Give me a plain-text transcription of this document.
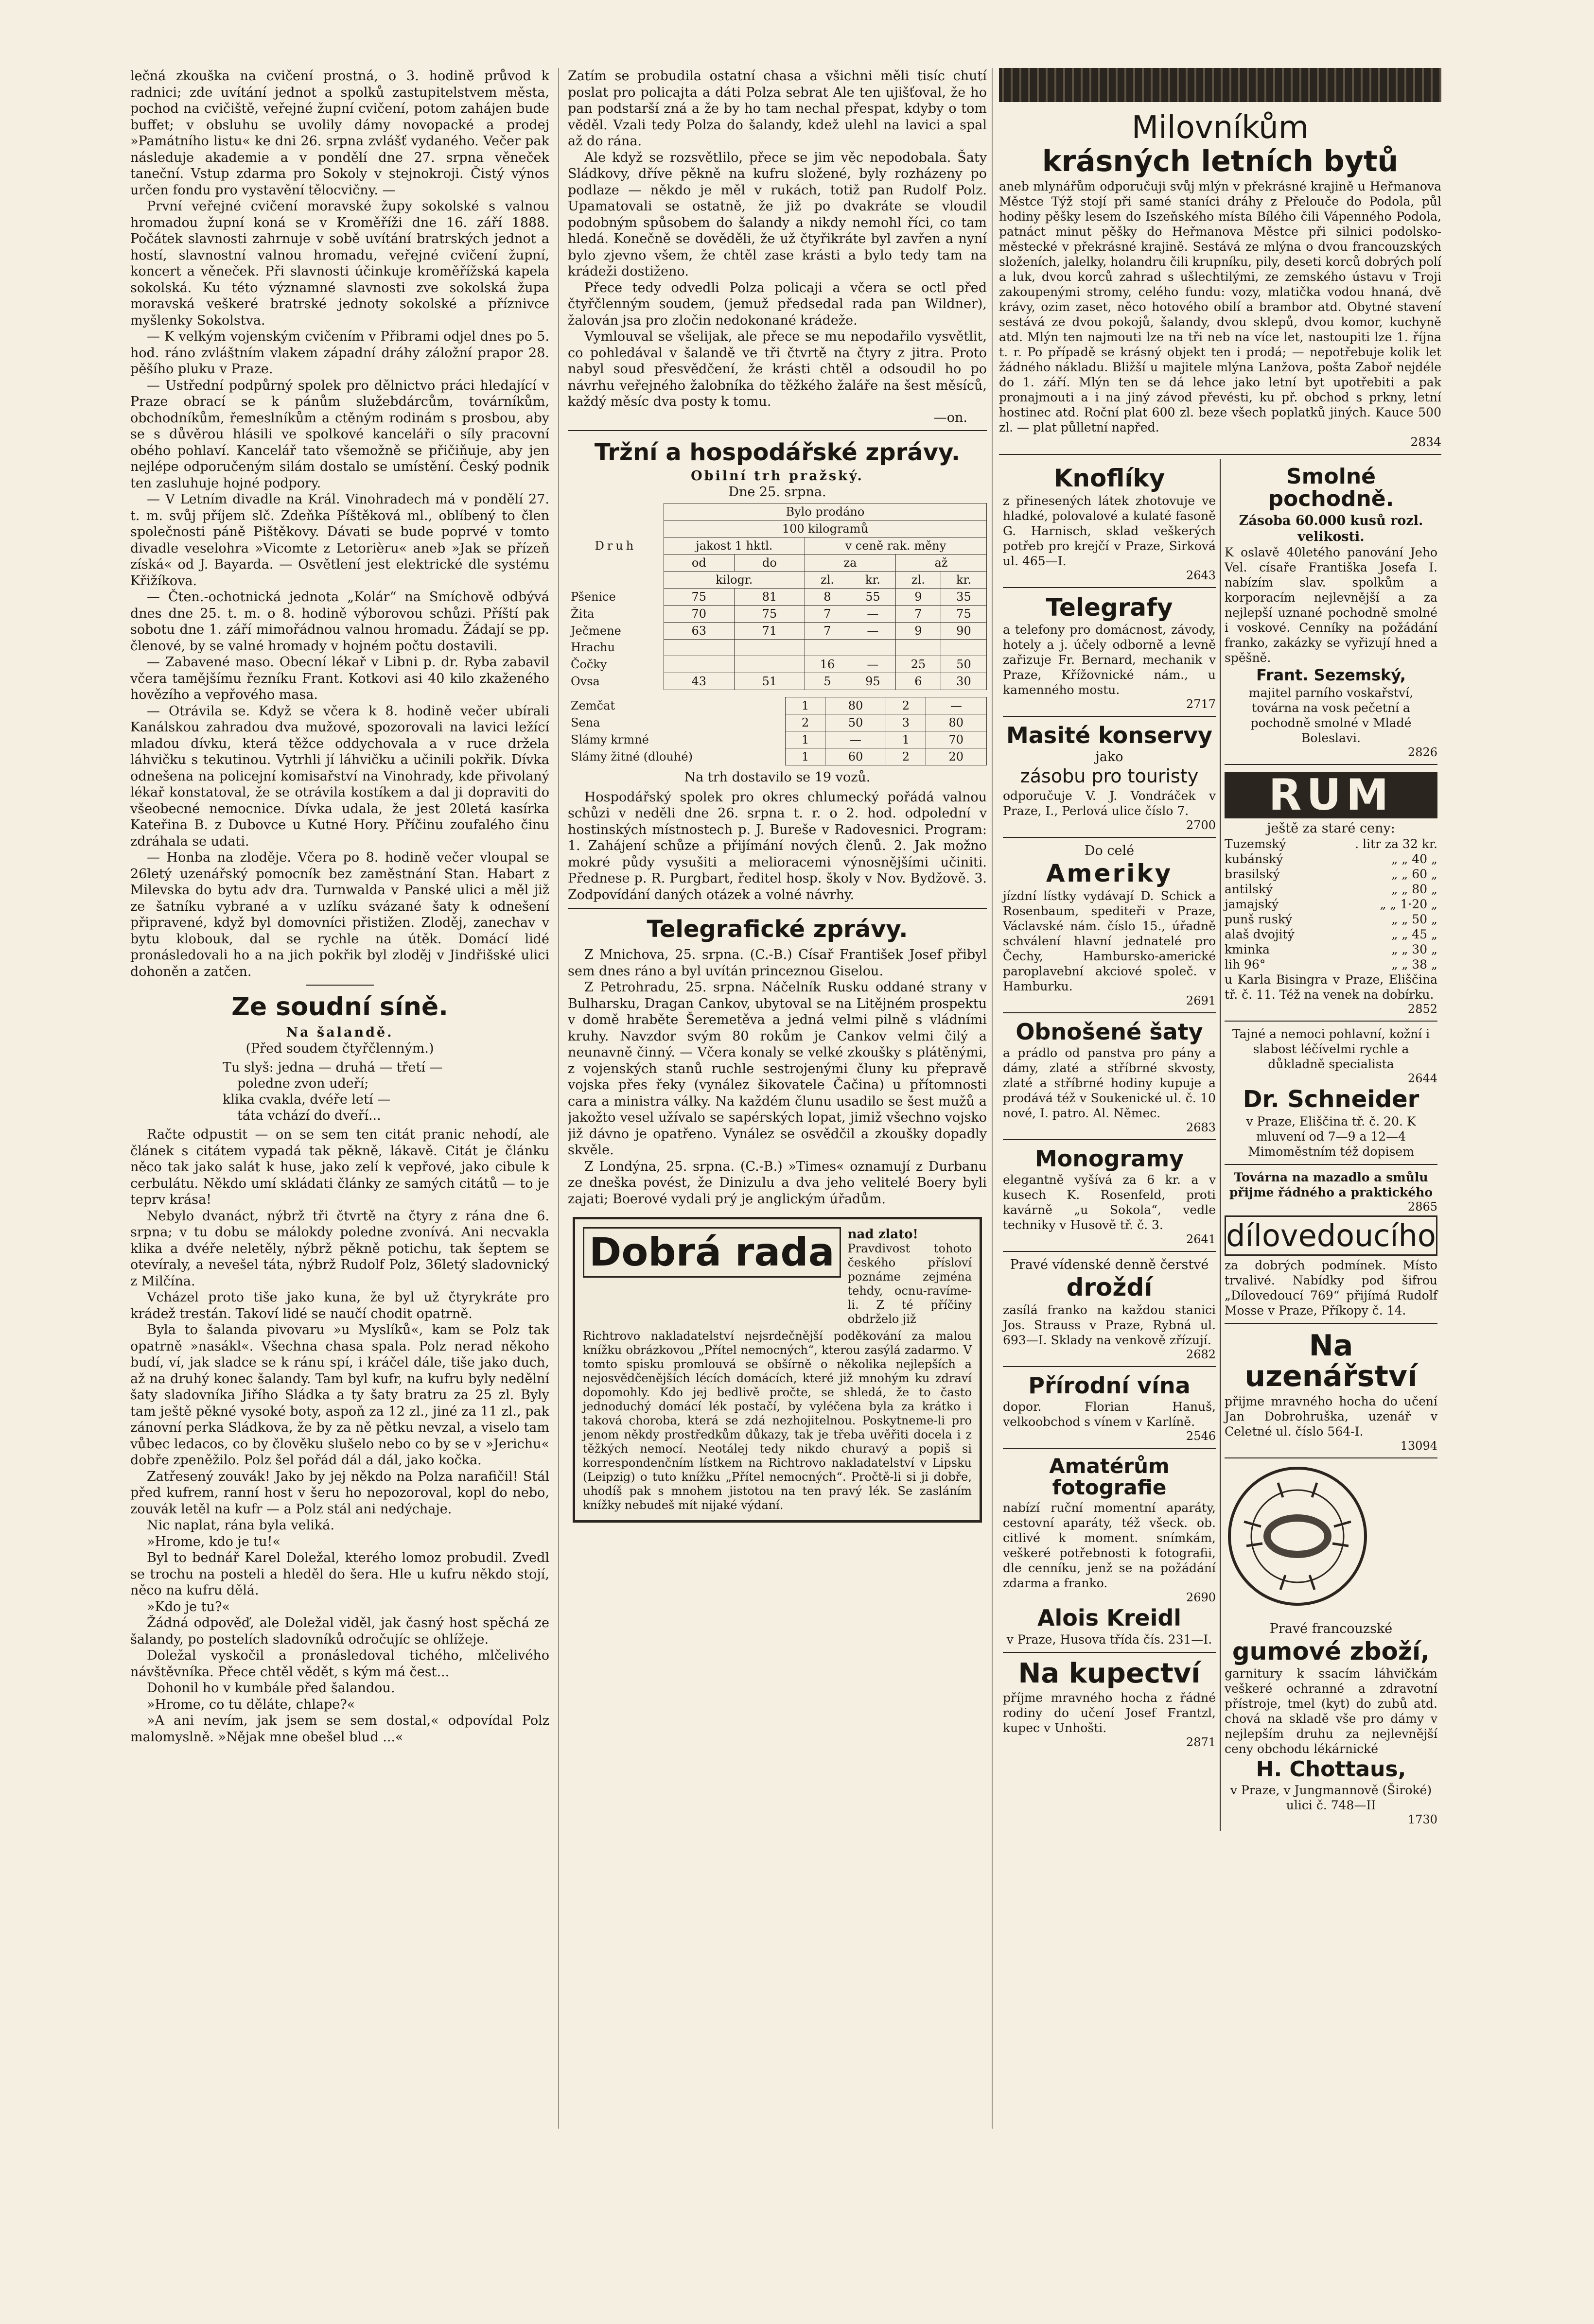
lečná zkouška na cvičení prostná, o 3. hodině průvod k radnici; zde uvítání jednot a spolků zastupitelstvem města, pochod na cvičiště, veřejné župní cvičení, potom zahájen bude buffet; v obsluhu se uvolily dámy novopacké a prodej »Památního listu« ke dni 26. srpna zvlášť vydaného. Večer pak následuje akademie a v pondělí dne 27. srpna věneček taneční. Vstup zdarma pro Sokoly v stejnokroji. Čistý výnos určen fondu pro vystavění tělocvičny. —

První veřejné cvičení moravské župy sokolské s valnou hromadou župní koná se v Kroměříži dne 16. září 1888. Počátek slavnosti zahrnuje v sobě uvítání bratrských jednot a hostí, slavnostní valnou hromadu, veřejné cvičení župní, koncert a věneček. Při slavnosti účinkuje kroměřížská kapela sokolská. Ku této významné slavnosti zve sokolská župa moravská veškeré bratrské jednoty sokolské a příznivce myšlenky Sokolstva.

— K velkým vojenským cvičením v Přibrami odjel dnes po 5. hod. ráno zvláštním vlakem západní dráhy záložní prapor 28. pěšího pluku v Praze.

— Ustřední podpůrný spolek pro dělnictvo práci hledající v Praze obrací se k pánům služebdárcům, továrníkům, obchodníkům, řemeslníkům a ctěným rodinám s prosbou, aby se s důvěrou hlásili ve spolkové kanceláři o síly pracovní obého pohlaví. Kancelář tato všemožně se přičiňuje, aby jen nejlépe odporučeným silám dostalo se umístění. Český podnik ten zasluhuje hojné podpory.

— V Letním divadle na Král. Vinohradech má v pondělí 27. t. m. svůj příjem slč. Zdeňka Píštěková ml., oblíbený to člen společnosti páně Pištěkovy. Dávati se bude poprvé v tomto divadle veselohra »Vicomte z Letorièru« aneb »Jak se přízeň získá« od J. Bayarda. — Osvětlení jest elektrické dle systému Křižíkova.

— Čten.-ochotnická jednota „Kolár“ na Smíchově odbývá dnes dne 25. t. m. o 8. hodině výborovou schůzi. Příští pak sobotu dne 1. září mimořádnou valnou hromadu. Žádají se pp. členové, by se valné hromady v hojném počtu dostavili.

— Zabavené maso. Obecní lékař v Libni p. dr. Ryba zabavil včera tamějšímu řezníku Frant. Kotkovi asi 40 kilo zkaženého hovězího a vepřového masa.

— Otrávila se. Když se včera k 8. hodině večer ubírali Kanálskou zahradou dva mužové, spozorovali na lavici ležící mladou dívku, která těžce oddychovala a v ruce držela láhvičku s tekutinou. Vytrhli jí láhvičku a učinili pokřik. Dívka odnešena na policejní komisařství na Vinohrady, kde přivolaný lékař konstatoval, že se otrávila kostíkem a dal ji dopraviti do všeobecné nemocnice. Dívka udala, že jest 20letá kasírka Kateřina B. z Dubovce u Kutné Hory. Příčinu zoufalého činu zdráhala se udati.

— Honba na zloděje. Včera po 8. hodině večer vloupal se 26letý uzenářský pomocník bez zaměstnání Stan. Habart z Milevska do bytu adv dra. Turnwalda v Panské ulici a měl již ze šatníku vybrané a v uzlíku svázané šaty k odnešení připravené, když byl domovníci přistižen. Zloděj, zanechav v bytu klobouk, dal se rychle na útěk. Domácí lidé pronásledovali ho a na jich pokřik byl zloděj v Jindřišské ulici dohoněn a zatčen.

Ze soudní síně.
Na šalandě.
(Před soudem čtyřčlenným.)
Tu slyš: jedna — druhá — třetí —
poledne zvon udeří;
klika cvakla, dvéře letí —
táta vchází do dveří...

Račte odpustit — on se sem ten citát pranic nehodí, ale článek s citátem vypadá tak pěkně, lákavě. Citát je článku něco tak jako salát k huse, jako zelí k vepřové, jako cibule k cerbulátu. Někdo umí skládati články ze samých citátů — to je teprv krása!

Nebylo dvanáct, nýbrž tři čtvrtě na čtyry z rána dne 6. srpna; v tu dobu se málokdy poledne zvonívá. Ani necvakla klika a dvéře neletěly, nýbrž pěkně potichu, tak šeptem se otevíraly, a nevešel táta, nýbrž Rudolf Polz, 36letý sladovnický z Milčína.

Vcházel proto tiše jako kuna, že byl už čtyrykráte pro krádež trestán. Takoví lidé se naučí chodit opatrně.

Byla to šalanda pivovaru »u Myslíků«, kam se Polz tak opatrně »nasákl«. Všechna chasa spala. Polz nerad někoho budí, ví, jak sladce se k ránu spí, i kráčel dále, tiše jako duch, až na druhý konec šalandy. Tam byl kufr, na kufru byly nedělní šaty sladovníka Jiřího Sládka a ty šaty bratru za 25 zl. Byly tam ještě pěkné vysoké boty, aspoň za 12 zl., jiné za 11 zl., pak zánovní perka Sládkova, že by za ně pětku nevzal, a viselo tam vůbec ledacos, co by člověku slušelo nebo co by se v »Jerichu« dobře zpeněžilo. Polz šel pořád dál a dál, jako kočka.

Zatřesený zouvák! Jako by jej někdo na Polza narafičil! Stál před kufrem, ranní host v šeru ho nepozoroval, kopl do nebo, zouvák letěl na kufr — a Polz stál ani nedýchaje.

Nic naplat, rána byla veliká.

»Hrome, kdo je tu!«

Byl to bednář Karel Doležal, kterého lomoz probudil. Zvedl se trochu na posteli a hleděl do šera. Hle u kufru někdo stojí, něco na kufru dělá.

»Kdo je tu?«

Žádná odpověď, ale Doležal viděl, jak časný host spěchá ze šalandy, po postelích sladovníků odročujíc se ohlížeje.

Doležal vyskočil a pronásledoval tichého, mlčelivého návštěvníka. Přece chtěl vědět, s kým má čest...

Dohonil ho v kumbále před šalandou.

»Hrome, co tu děláte, chlape?«

»A ani nevím, jak jsem se sem dostal,« odpovídal Polz malomyslně. »Nějak mne obešel blud ...«

Zatím se probudila ostatní chasa a všichni měli tisíc chutí poslat pro policajta a dáti Polza sebrat Ale ten ujišťoval, že ho pan podstarší zná a že by ho tam nechal přespat, kdyby o tom věděl. Vzali tedy Polza do šalandy, kdež ulehl na lavici a spal až do rána.

Ale když se rozsvětlilo, přece se jim věc nepodobala. Šaty Sládkovy, dříve pěkně na kufru složené, byly rozházeny po podlaze — někdo je měl v rukách, totiž pan Rudolf Polz. Upamatovali se ostatně, že již po dvakráte se vloudil podobným spůsobem do šalandy a nikdy nemohl říci, co tam hledá. Konečně se dověděli, že už čtyřikráte byl zavřen a nyní bylo zjevno všem, že chtěl zase krásti a bylo tedy tam na krádeži dostiženo.

Přece tedy odvedli Polza policaji a včera se octl před čtyřčlenným soudem, (jemuž předsedal rada pan Wildner), žalován jsa pro zločin nedokonané krádeže.

Vymlouval se všelijak, ale přece se mu nepodařilo vysvětlit, co pohledával v šalandě ve tři čtvrtě na čtyry z jitra. Proto nabyl soud přesvědčení, že krásti chtěl a odsoudil ho po návrhu veřejného žalobníka do těžkého žaláře na šest měsíců, každý měsíc dva posty k tomu.

—on.
Tržní a hospodářské zprávy.
Obilní trh pražský.
Dne 25. srpna.
Druh	Bylo prodáno					
	100 kilogramů					
	jakost 1 hktl.		v ceně rak. měny			
	od	do	za		až	
	kilogr.		zl.	kr.	zl.	kr.
Pšenice	75	81	8	55	9	35
Žita	70	75	7	—	7	75
Ječmene	63	71	7	—	9	90
Hrachu						
Čočky			16	—	25	50
Ovsa	43	51	5	95	6	30
Zemčat	1	80	2	—
Sena	2	50	3	80
Slámy krmné	1	—	1	70
Slámy žitné (dlouhé)	1	60	2	20
Na trh dostavilo se 19 vozů.

Hospodářský spolek pro okres chlumecký pořádá valnou schůzi v neděli dne 26. srpna t. r. o 2. hod. odpolední v hostinských místnostech p. J. Bureše v Radovesnici. Program: 1. Zahájení schůze a přijímání nových členů. 2. Jak možno mokré půdy vysušiti a melioracemi výnosnějšími učiniti. Přednese p. R. Purgbart, ředitel hosp. školy v Nov. Bydžově. 3. Zodpovídání daných otázek a volné návrhy.

Telegrafické zprávy.

Z Mnichova, 25. srpna. (C.-B.) Císař František Josef přibyl sem dnes ráno a byl uvítán princeznou Giselou.

Z Petrohradu, 25. srpna. Náčelník Rusku oddané strany v Bulharsku, Dragan Cankov, ubytoval se na Litějném prospektu v domě hraběte Šeremetěva a jedná velmi pilně s vládními kruhy. Navzdor svým 80 rokům je Cankov velmi čilý a neunavně činný. — Včera konaly se velké zkoušky s plátěnými, z vojenských stanů ruchle sestrojenými čluny ku přepravě vojska přes řeky (vynález šikovatele Čačina) u přítomnosti cara a ministra války. Na každém člunu usadilo se šest mužů a jakožto vesel užívalo se sapérských lopat, jimiž všechno vojsko již dávno je opatřeno. Vynález se osvědčil a zkoušky dopadly skvěle.

Z Londýna, 25. srpna. (C.-B.) »Times« oznamují z Durbanu ze dneška povést, že Dinizulu a dva jeho velitelé Boery byli zajati; Boerové vydali prý je anglickým úřadům.

Dobrá rada	nad zlato!

Pravdivost tohoto českého přísloví poznáme zejména tehdy, ocnu-ravíme-li. Z té příčiny obdrželo již

Richtrovo nakladatelství nejsrdečnější poděkování za malou knížku obrázkovou „Přítel nemocných“, kterou zasýlá zadarmo. V tomto spisku promlouvá se obšírně o několika nejlepších a nejosvědčenějších lécích domácích, které již mnohým ku zdraví dopomohly. Kdo jej bedlivě pročte, se shledá, že to často jednoduchý domácí lék postačí, by vyléčena byla za krátko i taková choroba, která se zdá nezhojitelnou. Poskytneme-li pro jenom někdy prostředkům důkazy, tak je třeba uvěřiti docela i z těžkých nemocí. Neotálej tedy nikdo churavý a popiš si korrespondenčním lístkem na Richtrovo nakladatelství v Lipsku (Leipzig) o tuto knížku „Přítel nemocných“. Pročtě-li si ji dobře, uhodíš pak s mnohem jistotou na ten pravý lék. Se zasláním knížky nebudeš mít nijaké výdaní.

Milovníkům
krásných letních bytů

aneb mlynářům odporučuji svůj mlýn v překrásné krajině u Heřmanova Městce Týž stojí při samé staníci dráhy z Přelouče do Podola, půl hodiny pěšky lesem do Iszeňského místa Bílého čili Vápenného Podola, patnáct minut pěšky do Heřmanova Městce při silnici podolsko-městecké v překrásné krajině. Sestává ze mlýna o dvou francouzských složeních, jalelky, holandru čili krupníku, pily, deseti korců dobrých polí a luk, dvou korců zahrad s ušlechtilými, ze zemského ústavu v Troji zakoupenými stromy, celého fundu: vozy, mlatička vodou hnaná, dvě krávy, ozim zaset, něco hotového obilí a brambor atd. Obytné stavení sestává ze dvou pokojů, šalandy, dvou sklepů, dvou komor, kuchyně atd. Mlýn ten najmouti lze na tři neb na více let, nastoupiti lze 1. října t. r. Po případě se krásný objekt ten i prodá; — nepotřebuje kolik let žádného nákladu. Bližší u majitele mlýna Lanžova, pošta Zaboř nejdéle do 1. září. Mlýn ten se dá lehce jako letní byt upotřebiti a pak pronajmouti a i na jiný závod převésti, ku př. obchod s prkny, letní hostinec atd. Roční plat 600 zl. beze všech poplatků jiných. Kauce 500 zl. — plat půlletní napřed.

2834
Knoflíky

z přinesených látek zhotovuje ve hladké, polovalové a kulaté fasoně G. Harnisch, sklad veškerých potřeb pro krejčí v Praze, Sirková ul. 465—I.

2643
Telegrafy

a telefony pro domácnost, závody, hotely a j. účely odborně a levně zařizuje Fr. Bernard, mechanik v Praze, Křížovnické nám., u kamenného mostu.

2717
Masité konservy
jako
zásobu pro touristy

odporučuje V. J. Vondráček v Praze, I., Perlová ulice číslo 7.

2700
Do celé
Ameriky

jízdní lístky vydávají D. Schick a Rosenbaum, spediteři v Praze, Václavské nám. číslo 15., úřadně schválení hlavní jednatelé pro Čechy, Hambursko-americké paroplavební akciové společ. v Hamburku.

2691
Obnošené šaty

a prádlo od panstva pro pány a dámy, zlaté a stříbrné skvosty, zlaté a stříbrné hodiny kupuje a prodává též v Soukenické ul. č. 10 nové, I. patro. Al. Němec.

2683
Monogramy

elegantně vyšívá za 6 kr. a v kusech K. Rosenfeld, proti kavárně „u Sokola“, vedle techniky v Husově tř. č. 3.

2641
Pravé vídenské denně čerstvé
droždí

zasílá franko na každou stanici Jos. Strauss v Praze, Rybná ul. 693—I. Sklady na venkově zřízují.

2682
Přírodní vína

dopor. Florian Hanuš, velkoobchod s vínem v Karlíně.

2546
Amatérům fotografie

nabízí ruční momentní aparáty, cestovní aparáty, též všeck. ob. citlivé k moment. snímkám, veškeré potřebnosti k fotografii, dle cenníku, jenž se na požádání zdarma a franko.

2690
Alois Kreidl

v Praze, Husova třída čís. 231—I.

Na kupectví

příjme mravného hocha z řádné rodiny do učení Josef Frantzl, kupec v Unhošti.

2871
Smolné pochodně.
Zásoba 60.000 kusů rozl. velikosti.

K oslavě 40letého panování Jeho Vel. císaře Františka Josefa I. nabízím slav. spolkům a korporacím nejlevnější a za nejlepší uznané pochodně smolné i voskové. Cenníky na požádání franko, zakázky se vyřizují hned a spěšně.

Frant. Sezemský,

majitel parního voskařství, továrna na vosk pečetní a pochodně smolné v Mladé Boleslavi.

2826
RUM
ještě za staré ceny:
Tuzemský	. litr za 32 kr.
kubánský	„ „ 40 „
brasilský	„ „ 60 „
antilský	„ „ 80 „
jamajský	„ „ 1·20 „
punš ruský	„ „ 50 „
alaš dvojitý	„ „ 45 „
kminka	„ „ 30 „
lih 96°	„ „ 38 „

u Karla Bisingra v Praze, Eliščina tř. č. 11. Též na venek na dobírku.

2852

Tajné a nemoci pohlavní, kožní i slabost léčívelmi rychle a důkladně specialista

2644
Dr. Schneider

v Praze, Eliščina tř. č. 20. K mluvení od 7—9 a 12—4 Mimoměstním též dopisem

Továrna na mazadlo a smůlu přijme řádného a praktického

2865
dílovedoucího

za dobrých podmínek. Místo trvalivé. Nabídky pod šifrou „Dílovedoucí 769“ přijímá Rudolf Mosse v Praze, Příkopy č. 14.

Na uzenářství

přijme mravného hocha do učení Jan Dobrohruška, uzenář v Celetné ul. číslo 564-I.

13094
Pravé francouzské
gumové zboží,

garnitury k ssacím láhvičkám veškeré ochranné a zdravotní přístroje, tmel (kyt) do zubů atd. chová na skladě vše pro dámy v nejlepším druhu za nejlevnější ceny obchodu lékárnické

H. Chottaus,

v Praze, v Jungmannově (Široké) ulici č. 748—II

1730
